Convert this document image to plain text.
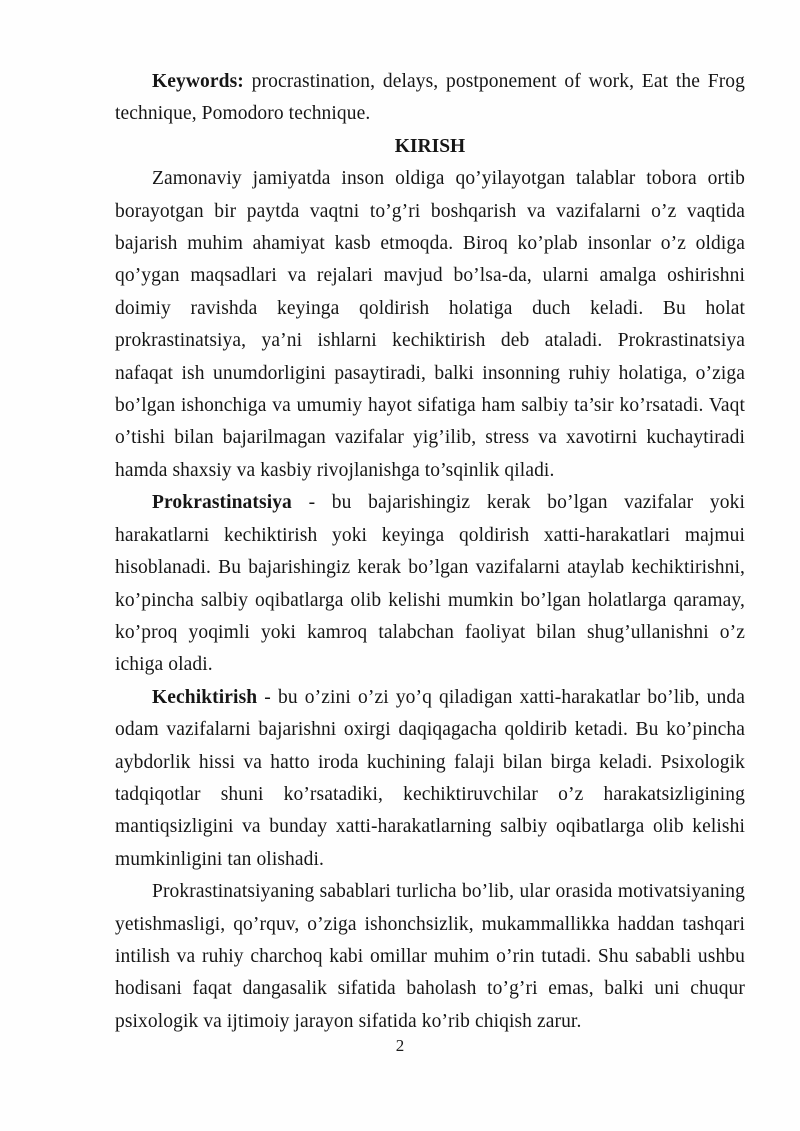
Keywords: procrastination, delays, postponement of work, Eat the Frog technique, Pomodoro technique.

KIRISH

Zamonaviy jamiyatda inson oldiga qo’yilayotgan talablar tobora ortib borayotgan bir paytda vaqtni to’g’ri boshqarish va vazifalarni o’z vaqtida bajarish muhim ahamiyat kasb etmoqda. Biroq ko’plab insonlar o’z oldiga qo’ygan maqsadlari va rejalari mavjud bo’lsa-da, ularni amalga oshirishni doimiy ravishda keyinga qoldirish holatiga duch keladi. Bu holat prokrastinatsiya, ya’ni ishlarni kechiktirish deb ataladi. Prokrastinatsiya nafaqat ish unumdorligini pasaytiradi, balki insonning ruhiy holatiga, o’ziga bo’lgan ishonchiga va umumiy hayot sifatiga ham salbiy ta’sir ko’rsatadi. Vaqt o’tishi bilan bajarilmagan vazifalar yig’ilib, stress va xavotirni kuchaytiradi hamda shaxsiy va kasbiy rivojlanishga to’sqinlik qiladi.

Prokrastinatsiya - bu bajarishingiz kerak bo’lgan vazifalar yoki harakatlarni kechiktirish yoki keyinga qoldirish xatti-harakatlari majmui hisoblanadi. Bu bajarishingiz kerak bo’lgan vazifalarni ataylab kechiktirishni, ko’pincha salbiy oqibatlarga olib kelishi mumkin bo’lgan holatlarga qaramay, ko’proq yoqimli yoki kamroq talabchan faoliyat bilan shug’ullanishni o’z ichiga oladi.

Kechiktirish - bu o’zini o’zi yo’q qiladigan xatti-harakatlar bo’lib, unda odam vazifalarni bajarishni oxirgi daqiqagacha qoldirib ketadi. Bu ko’pincha aybdorlik hissi va hatto iroda kuchining falaji bilan birga keladi. Psixologik tadqiqotlar shuni ko’rsatadiki, kechiktiruvchilar o’z harakatsizligining mantiqsizligini va bunday xatti-harakatlarning salbiy oqibatlarga olib kelishi mumkinligini tan olishadi.

Prokrastinatsiyaning sabablari turlicha bo’lib, ular orasida motivatsiyaning yetishmasligi, qo’rquv, o’ziga ishonchsizlik, mukammallikka haddan tashqari intilish va ruhiy charchoq kabi omillar muhim o’rin tutadi. Shu sababli ushbu hodisani faqat dangasalik sifatida baholash to’g’ri emas, balki uni chuqur psixologik va ijtimoiy jarayon sifatida ko’rib chiqish zarur.

2
